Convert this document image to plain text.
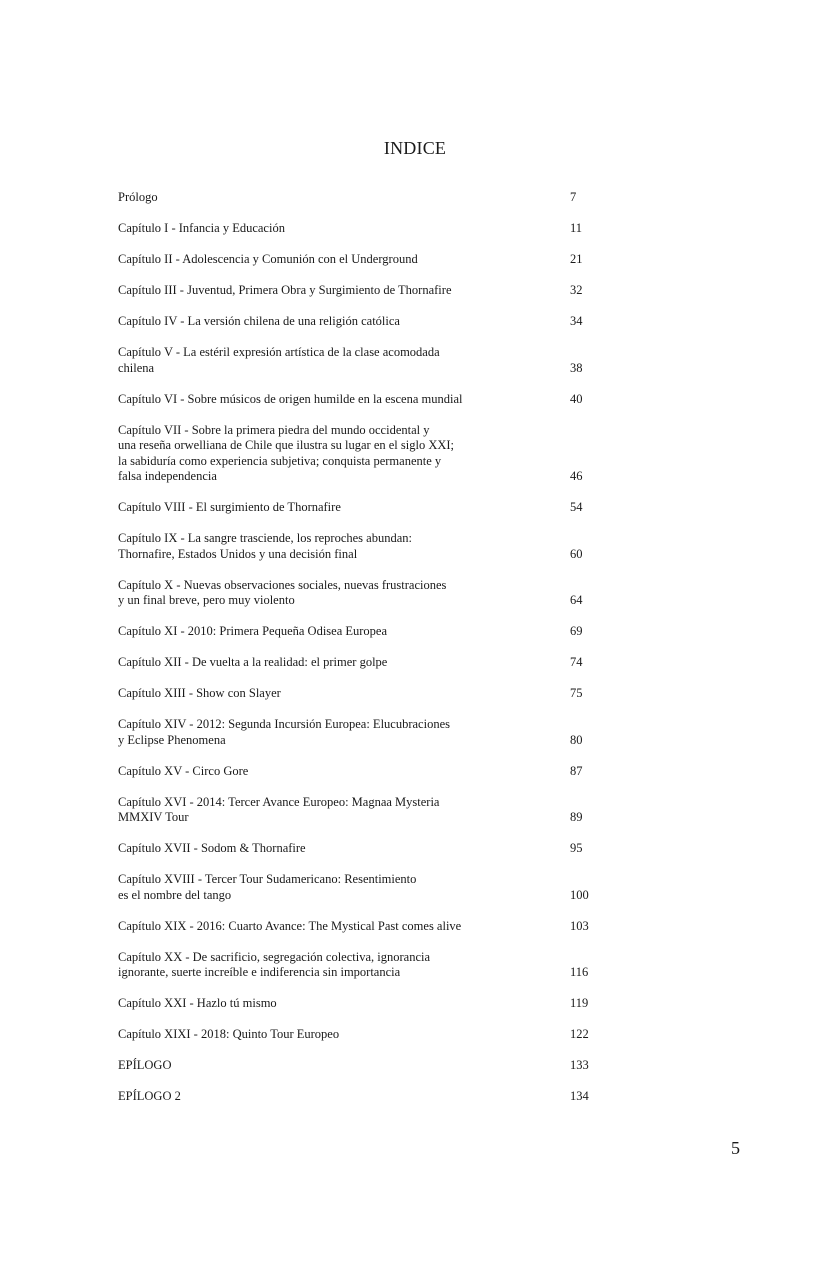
INDICE
Prólogo	7
Capítulo I - Infancia y Educación	11
Capítulo II - Adolescencia y Comunión con el Underground	21
Capítulo III - Juventud, Primera Obra y Surgimiento de Thornafire	32
Capítulo IV - La versión chilena de una religión católica	34
Capítulo V - La estéril expresión artística de la clase acomodada
chilena	38
Capítulo VI - Sobre músicos de origen humilde en la escena mundial	40
Capítulo VII - Sobre la primera piedra del mundo occidental y
una reseña orwelliana de Chile que ilustra su lugar en el siglo XXI;
la sabiduría como experiencia subjetiva; conquista permanente y
falsa independencia	46
Capítulo VIII - El surgimiento de Thornafire	54
Capítulo IX - La sangre trasciende, los reproches abundan:
Thornafire, Estados Unidos y una decisión final	60
Capítulo X - Nuevas observaciones sociales, nuevas frustraciones
y un final breve, pero muy violento	64
Capítulo XI - 2010: Primera Pequeña Odisea Europea	69
Capítulo XII - De vuelta a la realidad: el primer golpe	74
Capítulo XIII - Show con Slayer	75
Capítulo XIV - 2012: Segunda Incursión Europea: Elucubraciones
y Eclipse Phenomena	80
Capítulo XV - Circo Gore	87
Capítulo XVI - 2014: Tercer Avance Europeo: Magnaa Mysteria
MMXIV Tour	89
Capítulo XVII - Sodom & Thornafire	95
Capítulo XVIII - Tercer Tour Sudamericano: Resentimiento
es el nombre del tango	100
Capítulo XIX - 2016: Cuarto Avance: The Mystical Past comes alive	103
Capítulo XX - De sacrificio, segregación colectiva, ignorancia
ignorante, suerte increíble e indiferencia sin importancia	116
Capítulo XXI - Hazlo tú mismo	119
Capítulo XIXI - 2018: Quinto Tour Europeo	122
EPÍLOGO	133
EPÍLOGO 2	134
5
